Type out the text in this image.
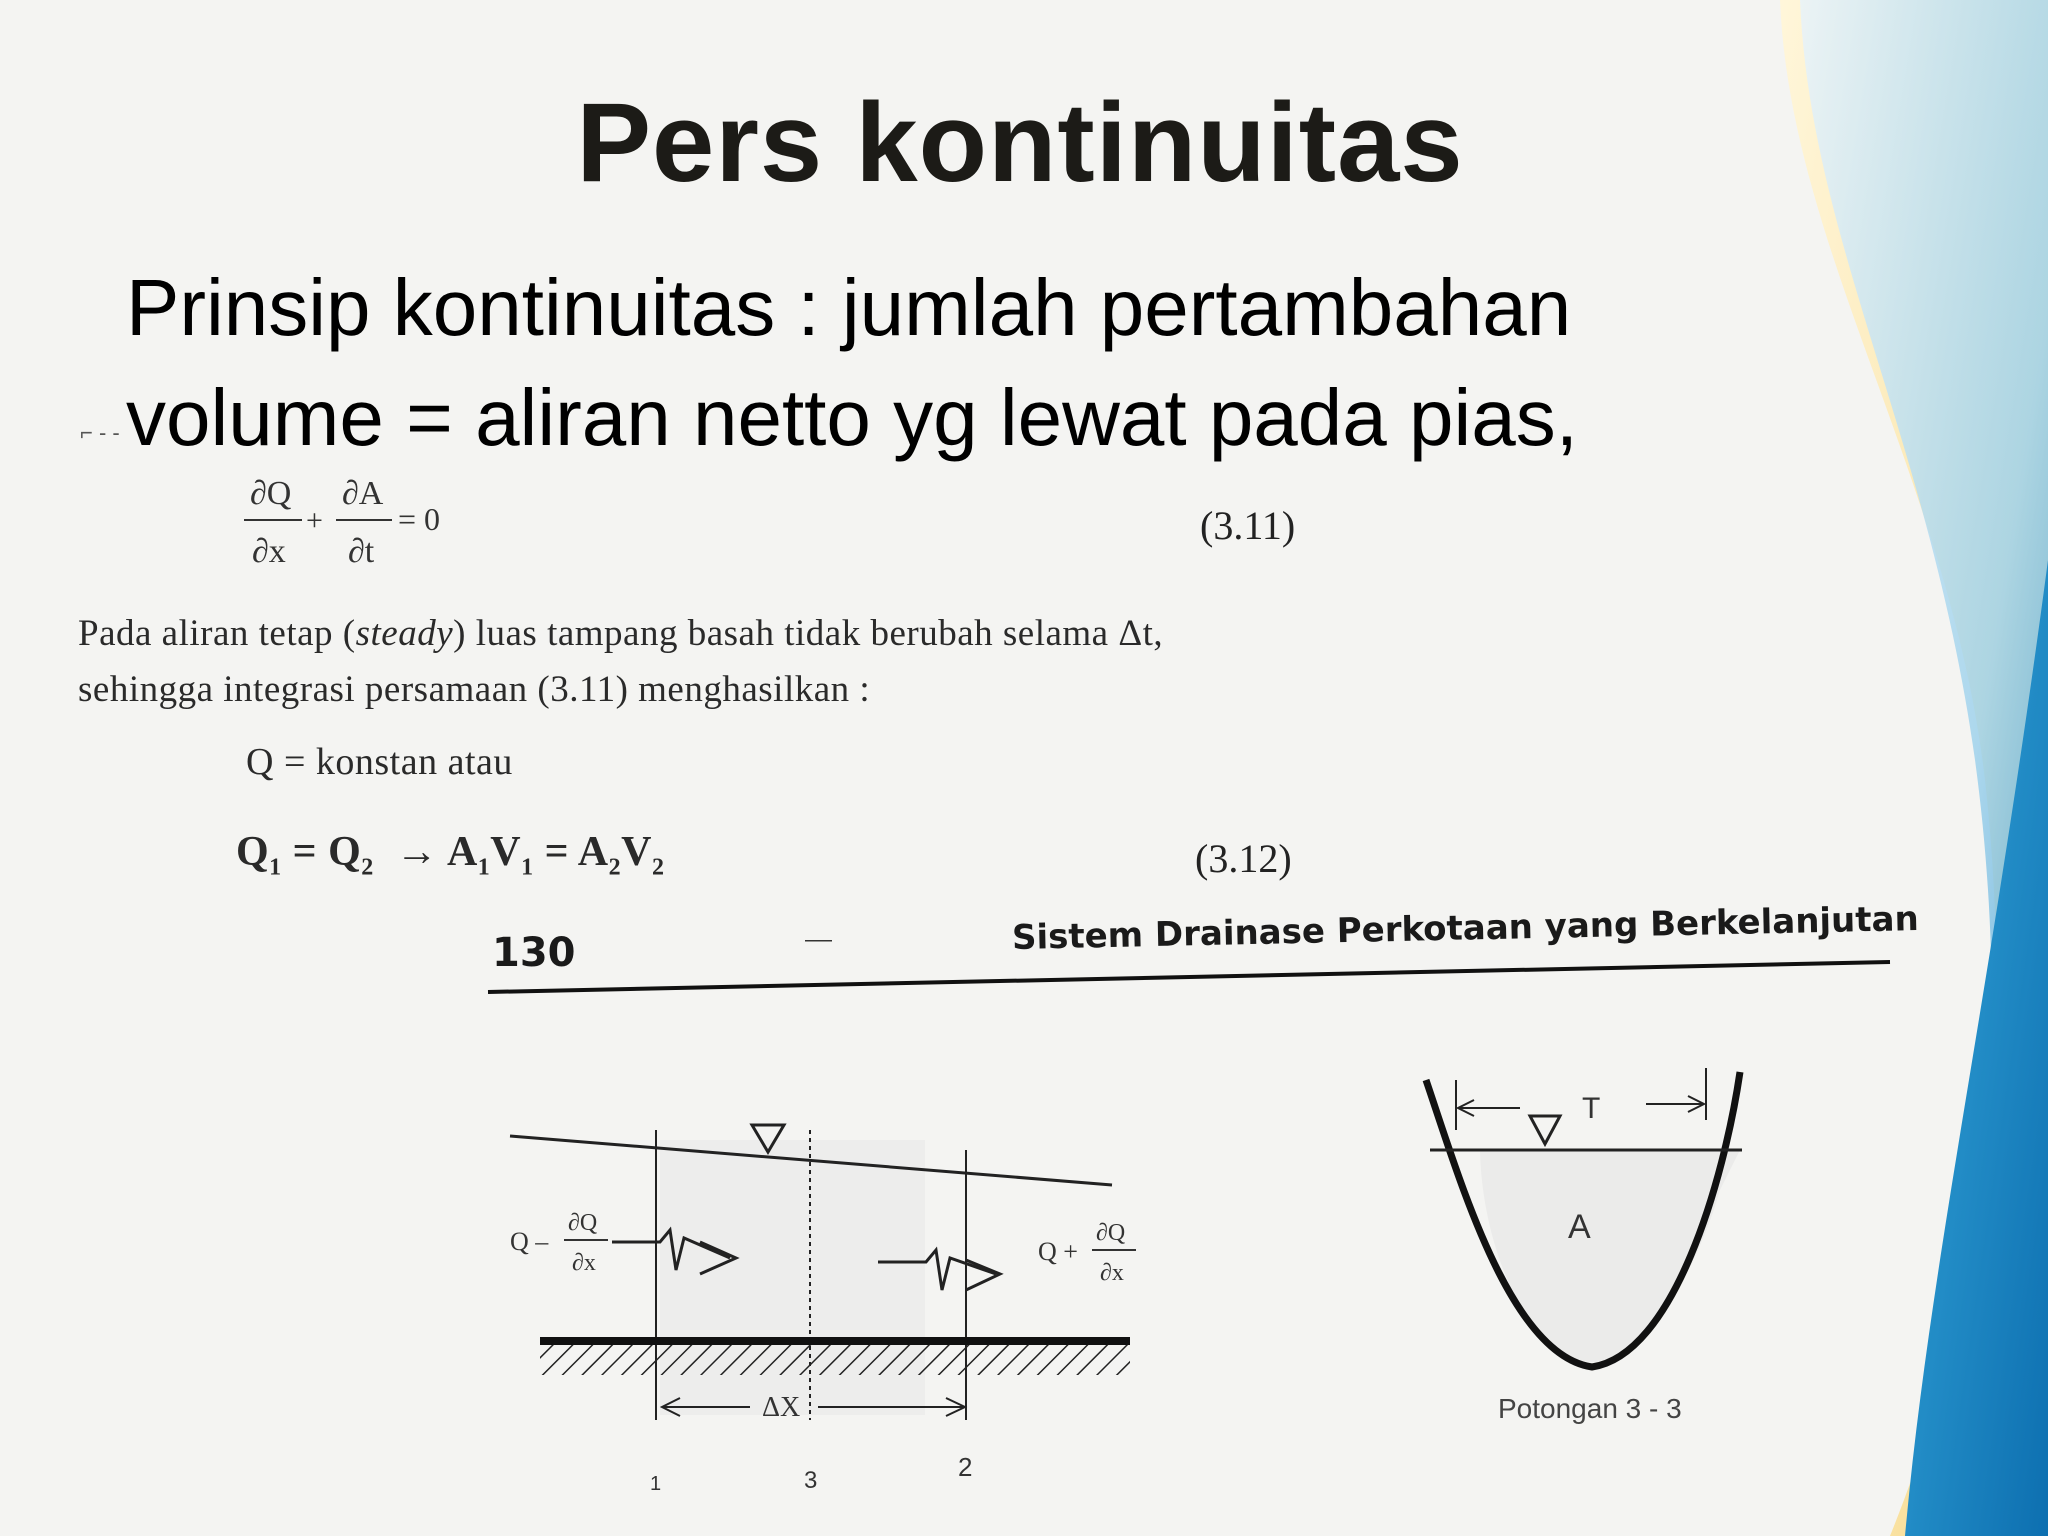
Pers kontinuitas
Prinsip kontinuitas : jumlah pertambahan
volume = aliran netto yg lewat pada pias,
⌐ - -
∂Q
∂x
+
∂A
∂t
= 0	(3.11)
Pada aliran tetap (steady) luas tampang basah tidak berubah selama Δt,
sehingga integrasi persamaan (3.11) menghasilkan :
Q = konstan atau
$Q_1 = Q_2 \to A_1V_1 = A_2V_2$	(3.12)
130	Sistem Drainase Perkotaan yang Berkelanjutan
Q –
∂Q
∂x	Q +
∂Q
∂x
ΔX
1	3	2
T
A
Potongan 3 - 3
